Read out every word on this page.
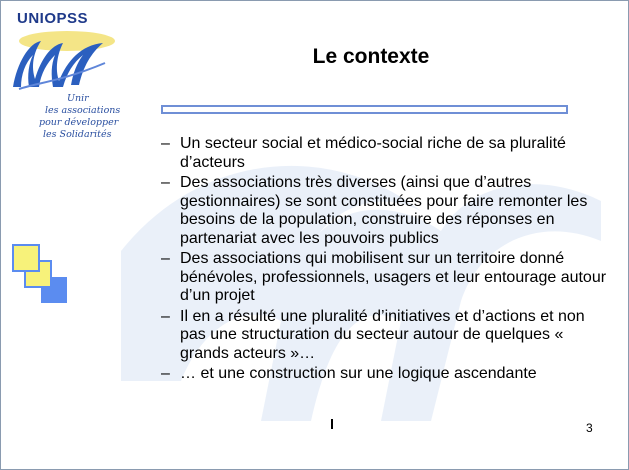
UNIOPSS
Unir
les associations
pour développer
les Solidarités
Le contexte
– Un secteur social et médico-social riche de sa pluralité d’acteurs
– Des associations très diverses (ainsi que d’autres gestionnaires) se sont constituées pour faire remonter les besoins de la population, construire des réponses en partenariat avec les pouvoirs publics
– Des associations qui mobilisent sur un territoire donné bénévoles, professionnels, usagers et leur entourage autour d’un projet
– Il en a résulté une pluralité d’initiatives et d’actions et non pas une structuration du secteur autour de quelques « grands acteurs »…
– … et une construction sur une logique ascendante
3
